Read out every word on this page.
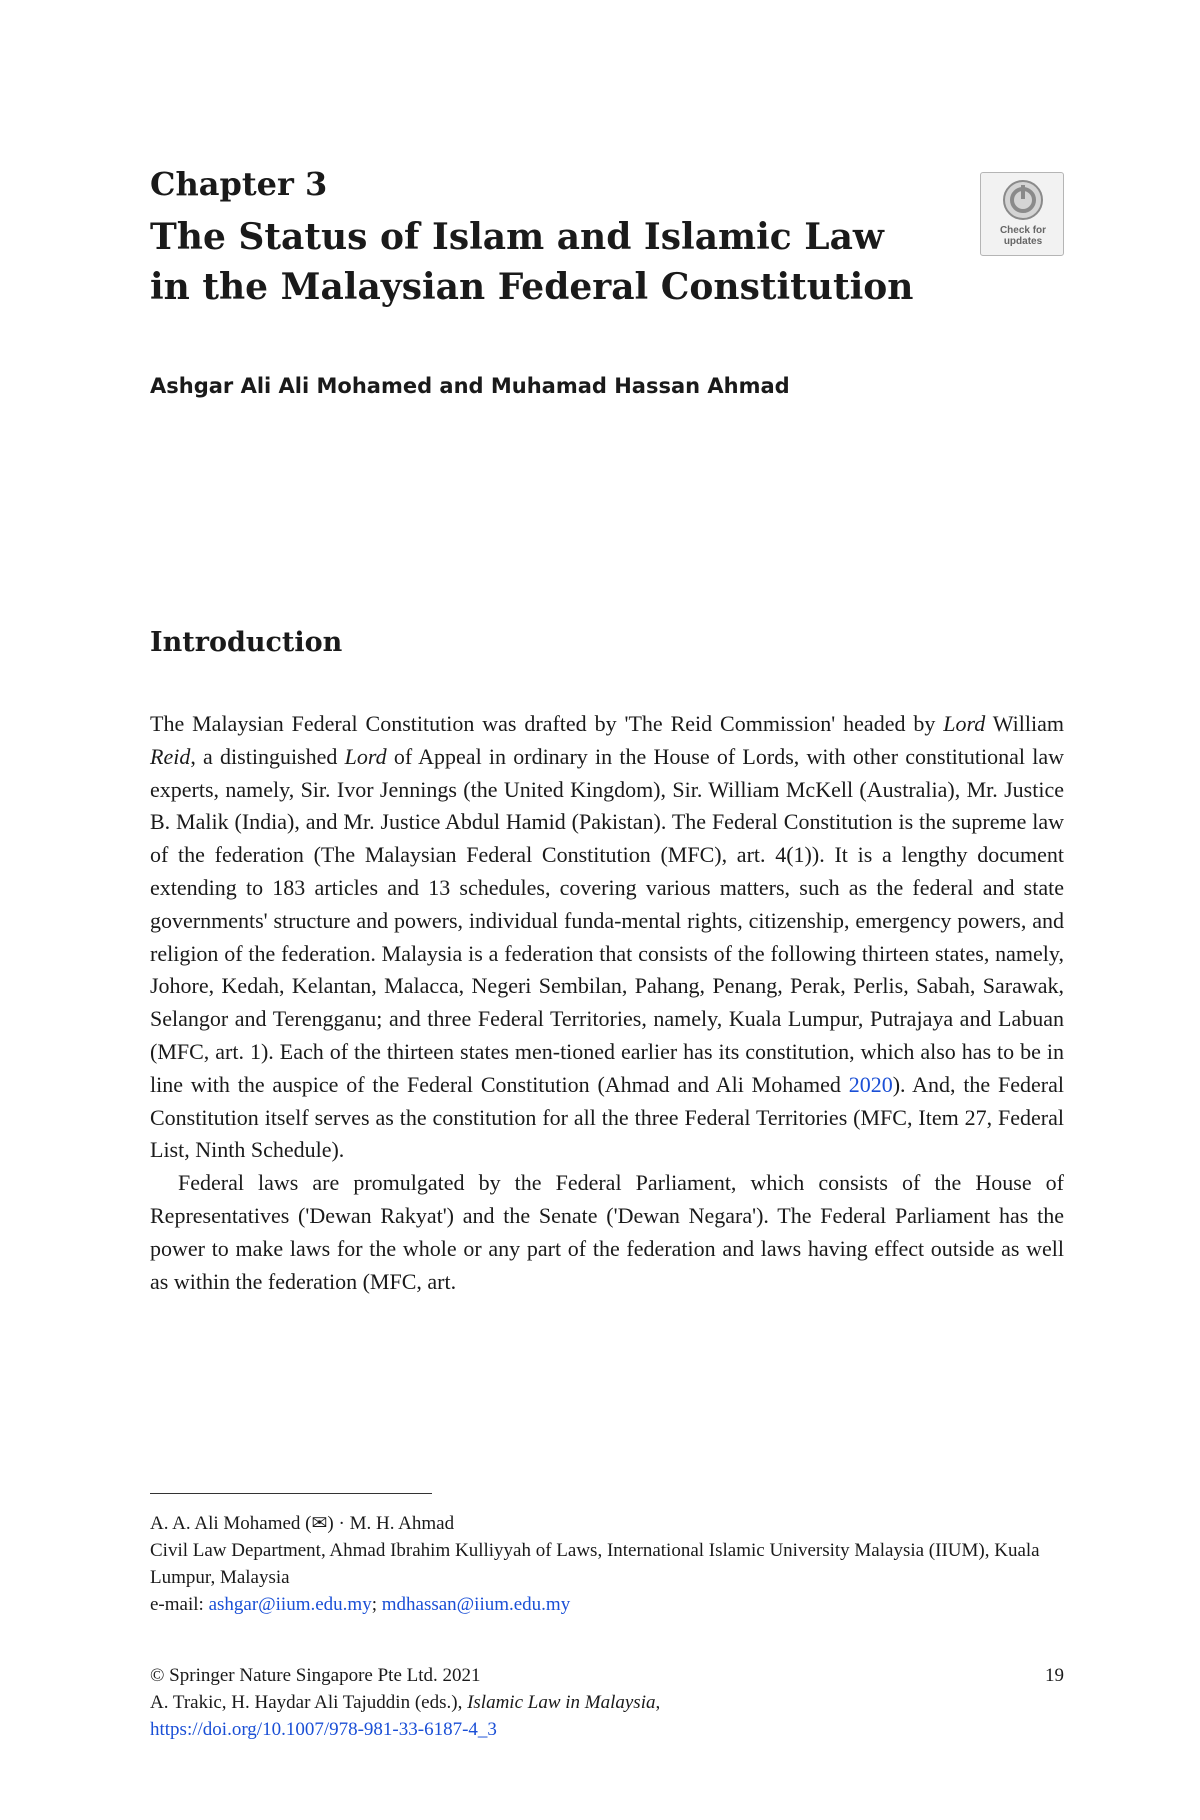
Chapter 3
The Status of Islam and Islamic Law
in the Malaysian Federal Constitution
Check for
updates
Ashgar Ali Ali Mohamed and Muhamad Hassan Ahmad
Introduction

The Malaysian Federal Constitution was drafted by 'The Reid Commission' headed by Lord William Reid, a distinguished Lord of Appeal in ordinary in the House of Lords, with other constitutional law experts, namely, Sir. Ivor Jennings (the United Kingdom), Sir. William McKell (Australia), Mr. Justice B. Malik (India), and Mr. Justice Abdul Hamid (Pakistan). The Federal Constitution is the supreme law of the federation (The Malaysian Federal Constitution (MFC), art. 4(1)). It is a lengthy document extending to 183 articles and 13 schedules, covering various matters, such as the federal and state governments' structure and powers, individual funda-mental rights, citizenship, emergency powers, and religion of the federation. Malaysia is a federation that consists of the following thirteen states, namely, Johore, Kedah, Kelantan, Malacca, Negeri Sembilan, Pahang, Penang, Perak, Perlis, Sabah, Sarawak, Selangor and Terengganu; and three Federal Territories, namely, Kuala Lumpur, Putrajaya and Labuan (MFC, art. 1). Each of the thirteen states men-tioned earlier has its constitution, which also has to be in line with the auspice of the Federal Constitution (Ahmad and Ali Mohamed 2020). And, the Federal Constitution itself serves as the constitution for all the three Federal Territories (MFC, Item 27, Federal List, Ninth Schedule).

Federal laws are promulgated by the Federal Parliament, which consists of the House of Representatives ('Dewan Rakyat') and the Senate ('Dewan Negara'). The Federal Parliament has the power to make laws for the whole or any part of the federation and laws having effect outside as well as within the federation (MFC, art.

A. A. Ali Mohamed (✉) · M. H. Ahmad
Civil Law Department, Ahmad Ibrahim Kulliyyah of Laws, International Islamic University Malaysia (IIUM), Kuala Lumpur, Malaysia
e-mail: ashgar@iium.edu.my; mdhassan@iium.edu.my
© Springer Nature Singapore Pte Ltd. 2021	19
A. Trakic, H. Haydar Ali Tajuddin (eds.), Islamic Law in Malaysia,
https://doi.org/10.1007/978-981-33-6187-4_3
